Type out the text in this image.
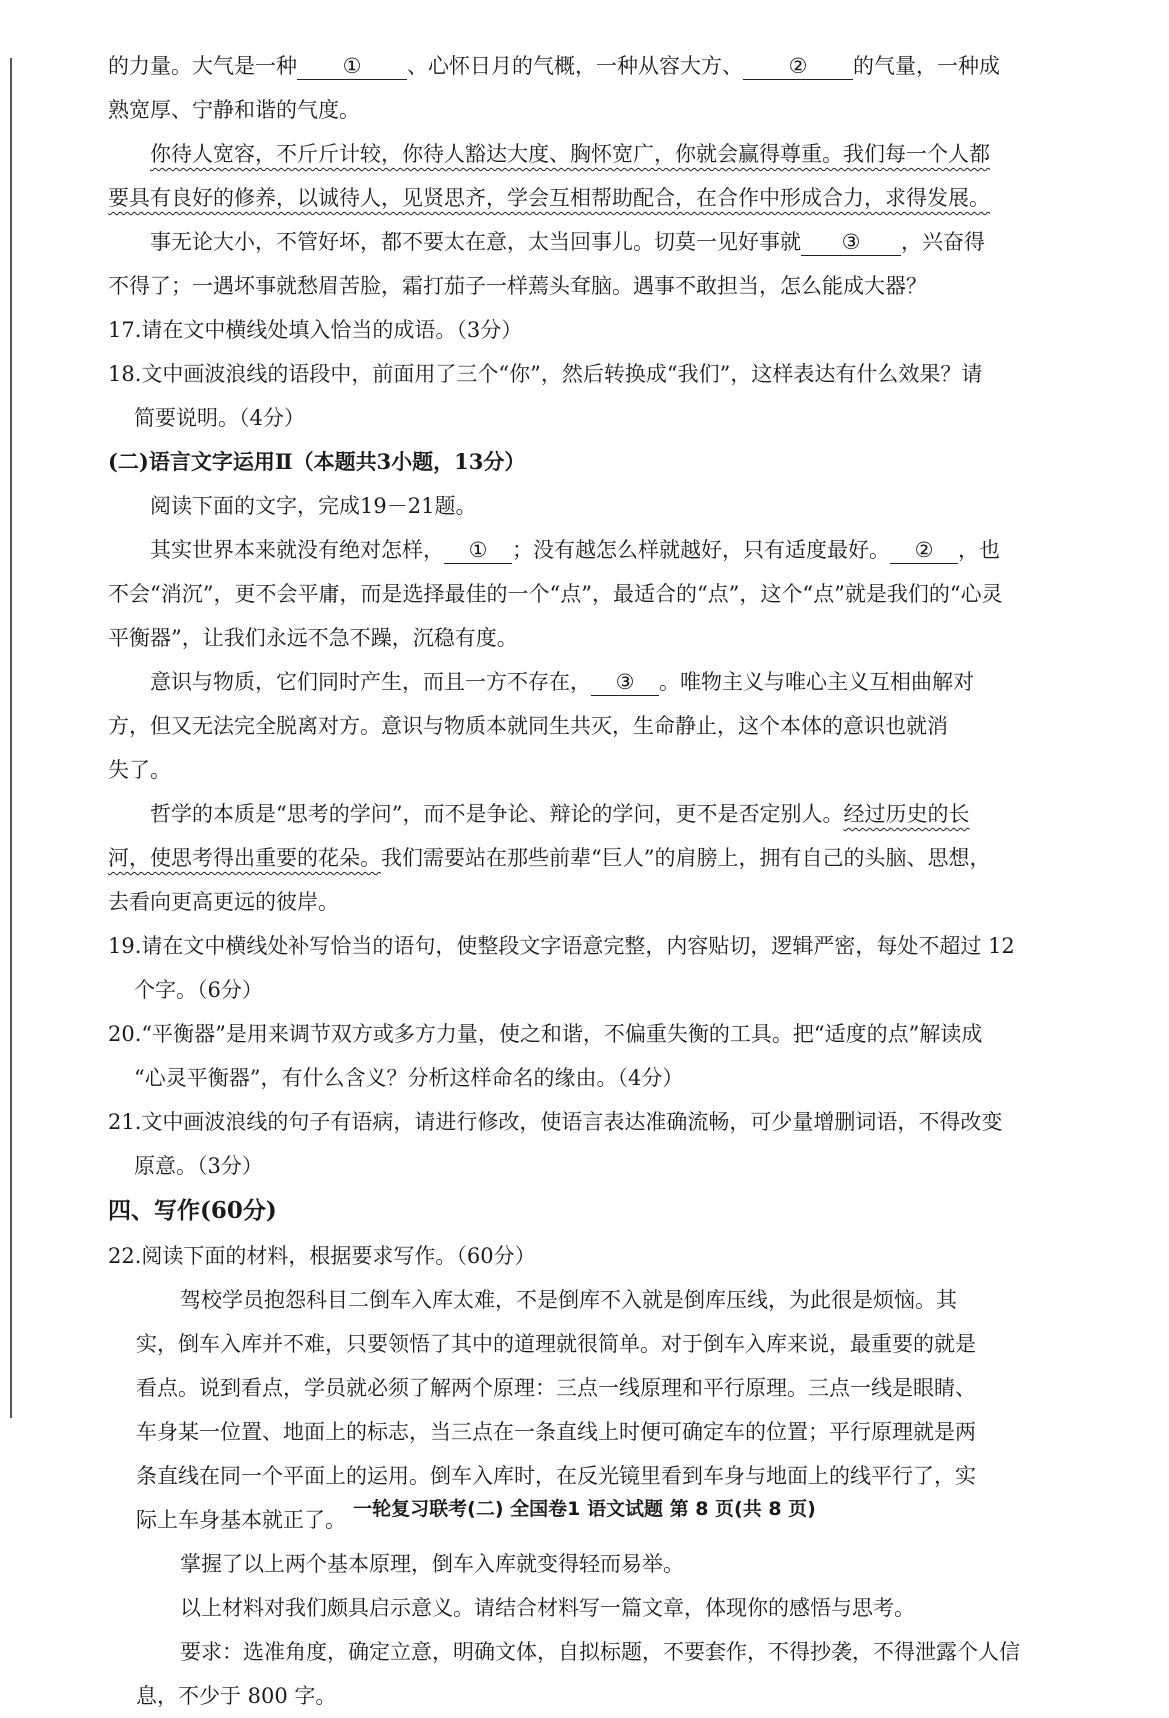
的力量。大气是一种 ① 、心怀日月的气概，一种从容大方、 ② 的气量，一种成
熟宽厚、宁静和谐的气度。
你待人宽容，不斤斤计较，你待人豁达大度、胸怀宽广，你就会赢得尊重。我们每一个人都
要具有良好的修养，以诚待人，见贤思齐，学会互相帮助配合，在合作中形成合力，求得发展。
事无论大小，不管好坏，都不要太在意，太当回事儿。切莫一见好事就 ③ ，兴奋得
不得了；一遇坏事就愁眉苦脸，霜打茄子一样蔫头耷脑。遇事不敢担当，怎么能成大器？
17.请在文中横线处填入恰当的成语。（3分）
18.文中画波浪线的语段中，前面用了三个“你”，然后转换成“我们”，这样表达有什么效果？请
简要说明。（4分）
(二)语言文字运用Ⅱ（本题共3小题，13分）
阅读下面的文字，完成19－21题。
其实世界本来就没有绝对怎样， ① ；没有越怎么样就越好，只有适度最好。 ② ，也
不会“消沉”，更不会平庸，而是选择最佳的一个“点”，最适合的“点”，这个“点”就是我们的“心灵
平衡器”，让我们永远不急不躁，沉稳有度。
意识与物质，它们同时产生，而且一方不存在， ③ 。唯物主义与唯心主义互相曲解对
方，但又无法完全脱离对方。意识与物质本就同生共灭，生命静止，这个本体的意识也就消
失了。
哲学的本质是“思考的学问”，而不是争论、辩论的学问，更不是否定别人。经过历史的长
河，使思考得出重要的花朵。我们需要站在那些前辈“巨人”的肩膀上，拥有自己的头脑、思想，
去看向更高更远的彼岸。
19.请在文中横线处补写恰当的语句，使整段文字语意完整，内容贴切，逻辑严密，每处不超过 12
个字。（6分）
20.“平衡器”是用来调节双方或多方力量，使之和谐，不偏重失衡的工具。把“适度的点”解读成
“心灵平衡器”，有什么含义？分析这样命名的缘由。（4分）
21.文中画波浪线的句子有语病，请进行修改，使语言表达准确流畅，可少量增删词语，不得改变
原意。（3分）
四、写作(60分)
22.阅读下面的材料，根据要求写作。（60分）
驾校学员抱怨科目二倒车入库太难，不是倒库不入就是倒库压线，为此很是烦恼。其
实，倒车入库并不难，只要领悟了其中的道理就很简单。对于倒车入库来说，最重要的就是
看点。说到看点，学员就必须了解两个原理：三点一线原理和平行原理。三点一线是眼睛、
车身某一位置、地面上的标志，当三点在一条直线上时便可确定车的位置；平行原理就是两
条直线在同一个平面上的运用。倒车入库时，在反光镜里看到车身与地面上的线平行了，实
际上车身基本就正了。
掌握了以上两个基本原理，倒车入库就变得轻而易举。
以上材料对我们颇具启示意义。请结合材料写一篇文章，体现你的感悟与思考。
要求：选准角度，确定立意，明确文体，自拟标题，不要套作，不得抄袭，不得泄露个人信
息，不少于 800 字。
一轮复习联考(二) 全国卷1 语文试题 第 8 页(共 8 页)
